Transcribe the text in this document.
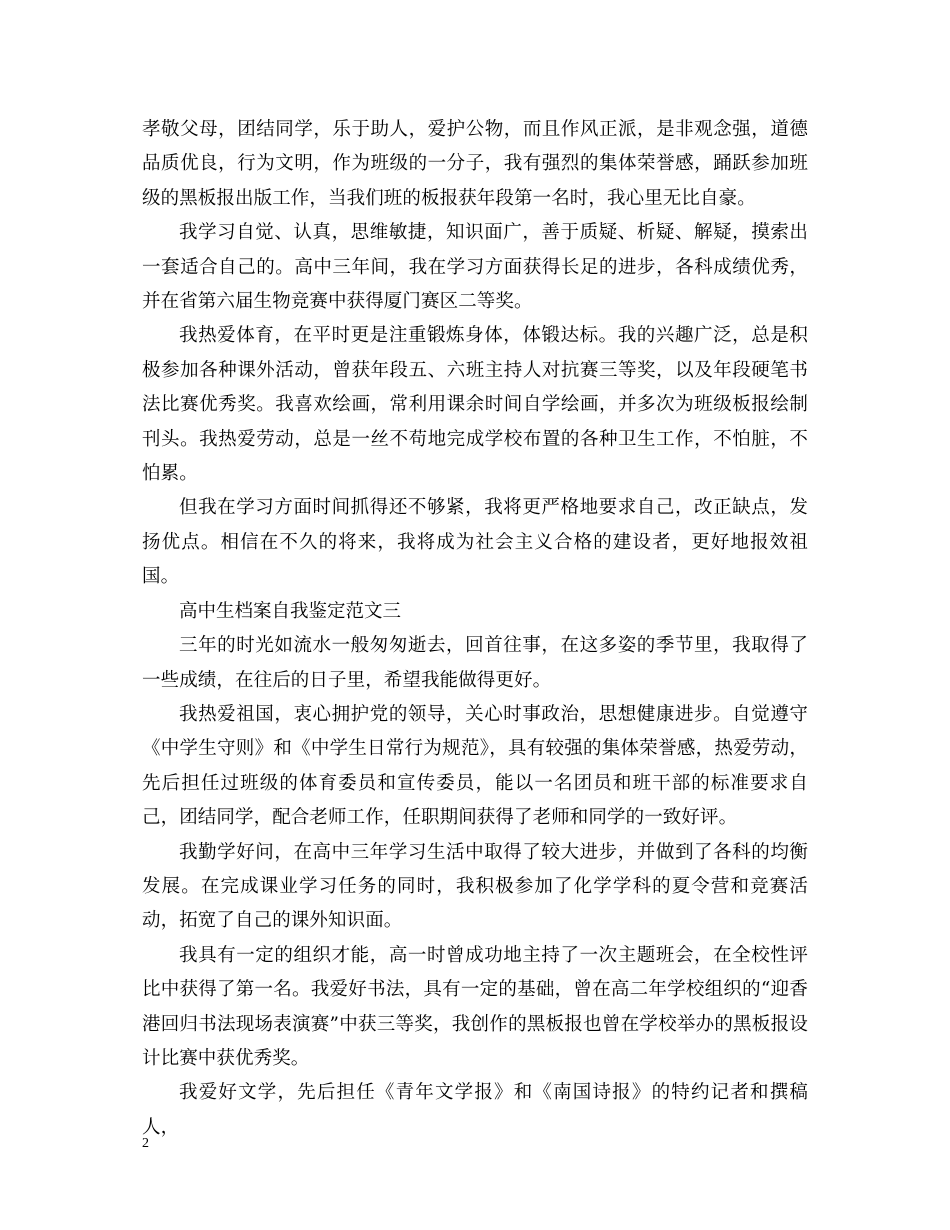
孝敬父母，团结同学，乐于助人，爱护公物，而且作风正派，是非观念强，道德品质优良，行为文明，作为班级的一分子，我有强烈的集体荣誉感，踊跃参加班级的黑板报出版工作，当我们班的板报获年段第一名时，我心里无比自豪。

我学习自觉、认真，思维敏捷，知识面广，善于质疑、析疑、解疑，摸索出一套适合自己的。高中三年间，我在学习方面获得长足的进步，各科成绩优秀，并在省第六届生物竞赛中获得厦门赛区二等奖。

我热爱体育，在平时更是注重锻炼身体，体锻达标。我的兴趣广泛，总是积极参加各种课外活动，曾获年段五、六班主持人对抗赛三等奖，以及年段硬笔书法比赛优秀奖。我喜欢绘画，常利用课余时间自学绘画，并多次为班级板报绘制刊头。我热爱劳动，总是一丝不苟地完成学校布置的各种卫生工作，不怕脏，不怕累。

但我在学习方面时间抓得还不够紧，我将更严格地要求自己，改正缺点，发扬优点。相信在不久的将来，我将成为社会主义合格的建设者，更好地报效祖国。

高中生档案自我鉴定范文三

三年的时光如流水一般匆匆逝去，回首往事，在这多姿的季节里，我取得了一些成绩，在往后的日子里，希望我能做得更好。

我热爱祖国，衷心拥护党的领导，关心时事政治，思想健康进步。自觉遵守《中学生守则》和《中学生日常行为规范》，具有较强的集体荣誉感，热爱劳动，先后担任过班级的体育委员和宣传委员，能以一名团员和班干部的标准要求自己，团结同学，配合老师工作，任职期间获得了老师和同学的一致好评。

我勤学好问，在高中三年学习生活中取得了较大进步，并做到了各科的均衡发展。在完成课业学习任务的同时，我积极参加了化学学科的夏令营和竞赛活动，拓宽了自己的课外知识面。

我具有一定的组织才能，高一时曾成功地主持了一次主题班会，在全校性评比中获得了第一名。我爱好书法，具有一定的基础，曾在高二年学校组织的“迎香港回归书法现场表演赛”中获三等奖，我创作的黑板报也曾在学校举办的黑板报设计比赛中获优秀奖。

我爱好文学，先后担任《青年文学报》和《南国诗报》的特约记者和撰稿人，

2
